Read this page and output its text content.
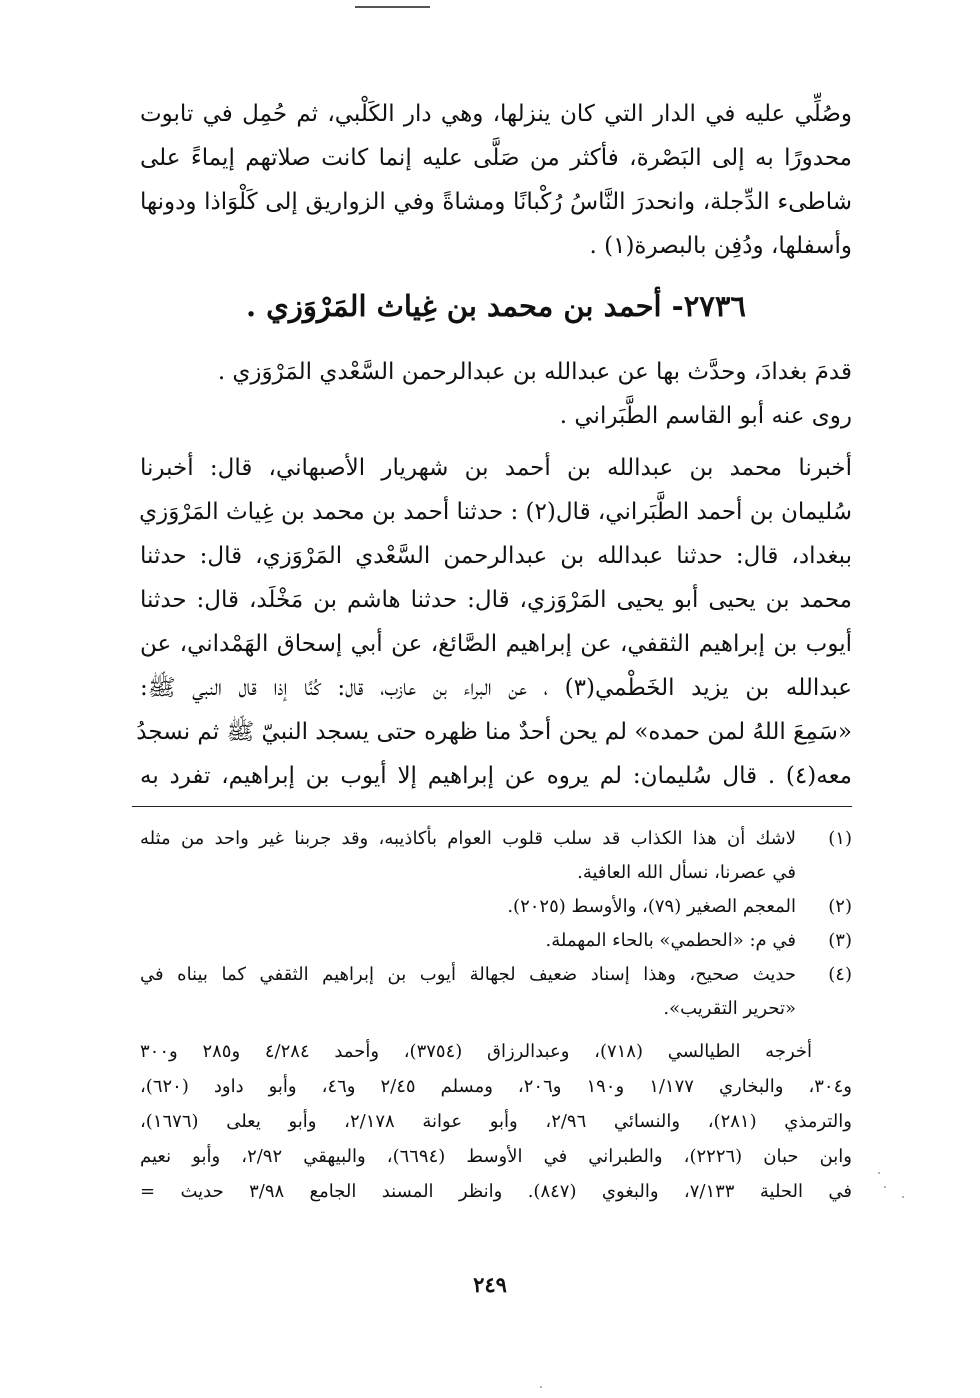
وصُلِّي عليه في الدار التي كان ينزلها، وهي دار الكَلْبي، ثم حُمِل في تابوت
محدورًا به إلى البَصْرة، فأكثر من صَلَّى عليه إنما كانت صلاتهم إيماءً على
شاطىء الدِّجلة، وانحدرَ النَّاسُ رُكْبانًا ومشاةً وفي الزواريق إلى كَلْوَاذا ودونها
وأسفلها، ودُفِن بالبصرة(١) .
٢٧٣٦- أحمد بن محمد بن غِياث المَرْوَزي .
قدمَ بغدادَ، وحدَّث بها عن عبدالله بن عبدالرحمن السَّعْدي المَرْوَزي .
روى عنه أبو القاسم الطَّبَراني .
أخبرنا محمد بن عبدالله بن أحمد بن شهريار الأصبهاني، قال: أخبرنا
سُليمان بن أحمد الطَّبَراني، قال(٢) : حدثنا أحمد بن محمد بن غِياث المَرْوَزي
ببغداد، قال: حدثنا عبدالله بن عبدالرحمن السَّعْدي المَرْوَزي، قال: حدثنا
محمد بن يحيى أبو يحيى المَرْوَزي، قال: حدثنا هاشم بن مَخْلَد، قال: حدثنا
أيوب بن إبراهيم الثقفي، عن إبراهيم الصَّائغ، عن أبي إسحاق الهَمْداني، عن
عبدالله بن يزيد الخَطْمي(٣) ، عن البراء بن عازب، قال: كُنَّا إذا قال النبي ﷺ:
«سَمِعَ اللهُ لمن حمده» لم يحن أحدٌ منا ظهره حتى يسجد النبيّ ﷺ ثم نسجدُ
معه(٤) . قال سُليمان: لم يروه عن إبراهيم إلا أيوب بن إبراهيم، تفرد به
(١)
لاشك أن هذا الكذاب قد سلب قلوب العوام بأكاذيبه، وقد جربنا غير واحد من مثله
في عصرنا، نسأل الله العافية.
(٢)
المعجم الصغير (٧٩)، والأوسط (٢٠٢٥).
(٣)
في م: «الحطمي» بالحاء المهملة.
(٤)
حديث صحيح، وهذا إسناد ضعيف لجهالة أيوب بن إبراهيم الثقفي كما بيناه في
«تحرير التقريب».
أخرجه الطيالسي (٧١٨)، وعبدالرزاق (٣٧٥٤)، وأحمد ٤/٢٨٤ و٢٨٥ و٣٠٠
و٣٠٤، والبخاري ١/١٧٧ و١٩٠ و٢٠٦، ومسلم ٢/٤٥ و٤٦، وأبو داود (٦٢٠)،
والترمذي (٢٨١)، والنسائي ٢/٩٦، وأبو عوانة ٢/١٧٨، وأبو يعلى (١٦٧٦)،
وابن حبان (٢٢٢٦)، والطبراني في الأوسط (٦٦٩٤)، والبيهقي ٢/٩٢، وأبو نعيم
في الحلية ٧/١٣٣، والبغوي (٨٤٧). وانظر المسند الجامع ٣/٩٨ حديث =
٢٤٩
